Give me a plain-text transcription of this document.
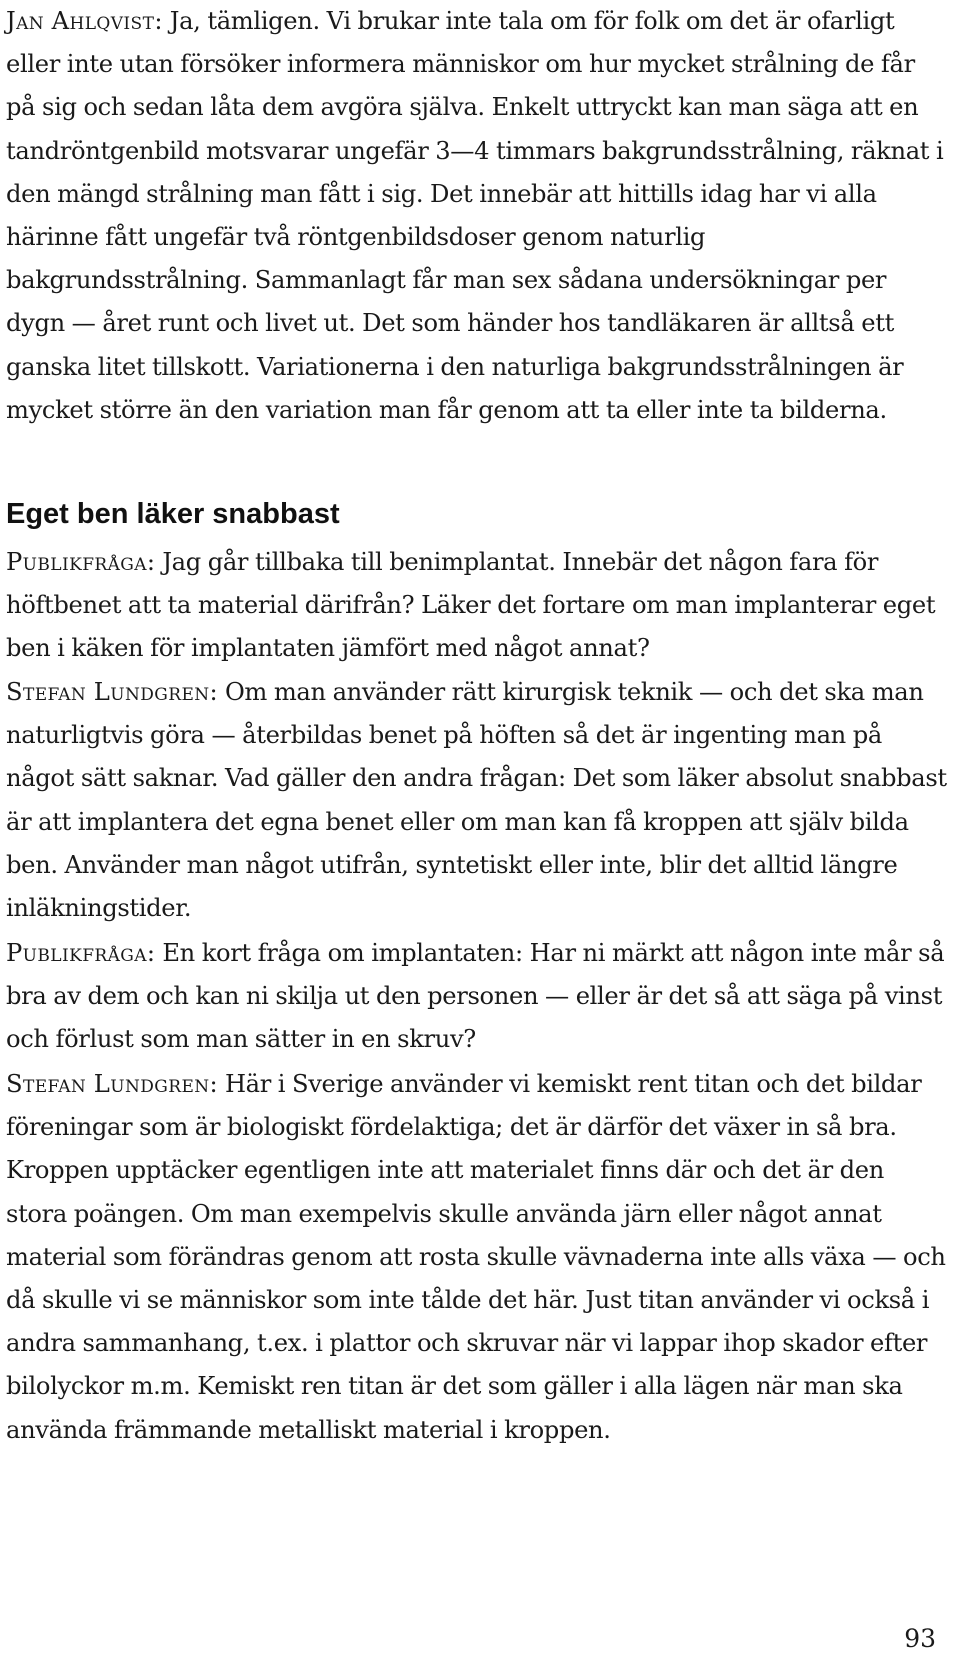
Jan Ahlqvist: Ja, tämligen. Vi brukar inte tala om för folk om det är ofarligt eller inte utan försöker informera människor om hur mycket strålning de får på sig och sedan låta dem avgöra själva. Enkelt uttryckt kan man säga att en tandröntgenbild motsvarar ungefär 3—4 timmars bakgrundsstrålning, räknat i den mängd strålning man fått i sig. Det innebär att hittills idag har vi alla härinne fått ungefär två röntgenbildsdoser genom naturlig bakgrundsstrålning. Sammanlagt får man sex sådana undersökningar per dygn — året runt och livet ut. Det som händer hos tandläkaren är alltså ett ganska litet tillskott. Variationerna i den naturliga bakgrundsstrålningen är mycket större än den variation man får genom att ta eller inte ta bilderna.

Eget ben läker snabbast

Publikfråga: Jag går tillbaka till benimplantat. Innebär det någon fara för höftbenet att ta material därifrån? Läker det fortare om man implanterar eget ben i käken för implantaten jämfört med något annat?

Stefan Lundgren: Om man använder rätt kirurgisk teknik — och det ska man naturligtvis göra — återbildas benet på höften så det är ingenting man på något sätt saknar. Vad gäller den andra frågan: Det som läker absolut snabbast är att implantera det egna benet eller om man kan få kroppen att själv bilda ben. Använder man något utifrån, syntetiskt eller inte, blir det alltid längre inläkningstider.

Publikfråga: En kort fråga om implantaten: Har ni märkt att någon inte mår så bra av dem och kan ni skilja ut den personen — eller är det så att säga på vinst och förlust som man sätter in en skruv?

Stefan Lundgren: Här i Sverige använder vi kemiskt rent titan och det bildar föreningar som är biologiskt fördelaktiga; det är därför det växer in så bra. Kroppen upptäcker egentligen inte att materialet finns där och det är den stora poängen. Om man exempelvis skulle använda järn eller något annat material som förändras genom att rosta skulle vävnaderna inte alls växa — och då skulle vi se människor som inte tålde det här. Just titan använder vi också i andra sammanhang, t.ex. i plattor och skruvar när vi lappar ihop skador efter bilolyckor m.m. Kemiskt ren titan är det som gäller i alla lägen när man ska använda främmande metalliskt material i kroppen.

93
